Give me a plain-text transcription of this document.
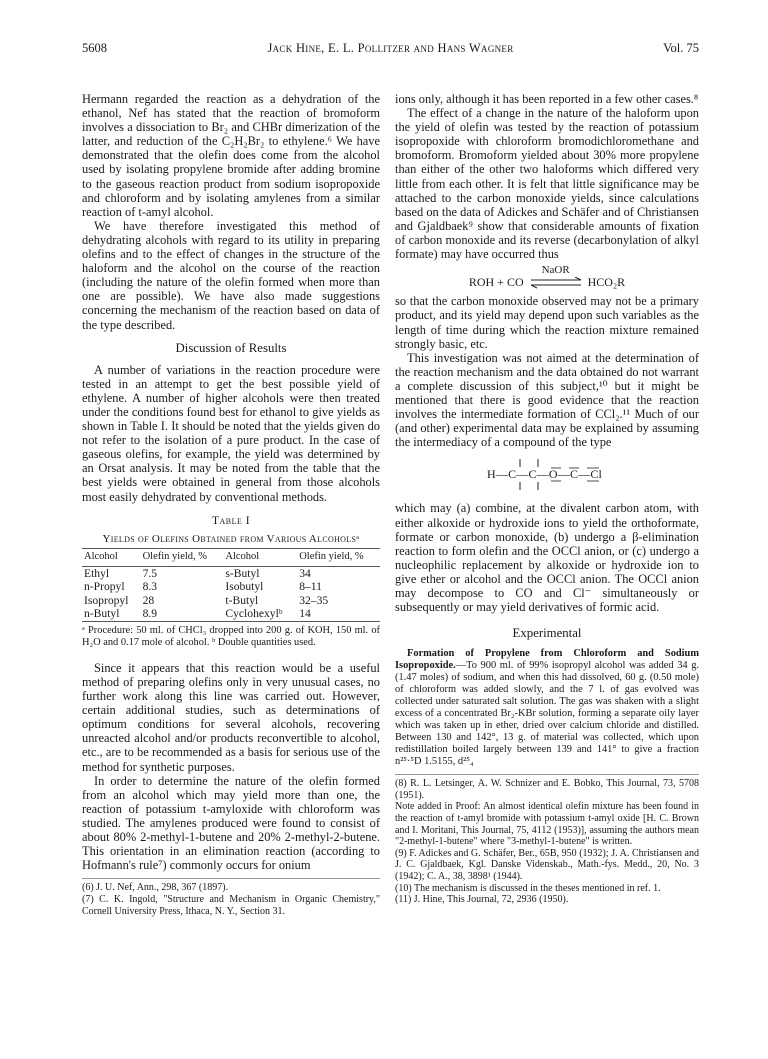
5608	Jack Hine, E. L. Pollitzer and Hans Wagner	Vol. 75

Hermann regarded the reaction as a dehydration of the ethanol, Nef has stated that the reaction of bromoform involves a dissociation to Br₂ and CHBr dimerization of the latter, and reduction of the C₂H₂Br₂ to ethylene.⁶ We have demonstrated that the olefin does come from the alcohol used by isolating propylene bromide after adding bromine to the gaseous reaction product from sodium isopropoxide and chloroform and by isolating amylenes from a similar reaction of t-amyl alcohol.

We have therefore investigated this method of dehydrating alcohols with regard to its utility in preparing olefins and to the effect of changes in the structure of the haloform and the alcohol on the course of the reaction (including the nature of the olefin formed when more than one are possible). We have also made suggestions concerning the mechanism of the reaction based on data of the type described.

Discussion of Results

A number of variations in the reaction procedure were tested in an attempt to get the best possible yield of ethylene. A number of higher alcohols were then treated under the conditions found best for ethanol to give yields as shown in Table I. It should be noted that the yields given do not refer to the isolation of a pure product. In the case of gaseous olefins, for example, the yield was determined by an Orsat analysis. It may be noted from the table that the best yields were obtained in general from those alcohols most easily dehydrated by conventional methods.

Table I
Yields of Olefins Obtained from Various Alcoholsᵃ
Alcohol	Olefin yield, %	Alcohol	Olefin yield, %
Ethyl	7.5	s-Butyl	34
n-Propyl	8.3	Isobutyl	8–11
Isopropyl	28	t-Butyl	32–35
n-Butyl	8.9	Cyclohexylᵇ	14
ᵃ Procedure: 50 ml. of CHCl₃ dropped into 200 g. of KOH, 150 ml. of H₂O and 0.17 mole of alcohol. ᵇ Double quantities used.

Since it appears that this reaction would be a useful method of preparing olefins only in very unusual cases, no further work along this line was carried out. However, certain additional studies, such as determinations of optimum conditions for several alcohols, recovering unreacted alcohol and/or products reconvertible to alcohol, etc., are to be recommended as a basis for serious use of the method for synthetic purposes.

In order to determine the nature of the olefin formed from an alcohol which may yield more than one, the reaction of potassium t-amyloxide with chloroform was studied. The amylenes produced were found to consist of about 80% 2-methyl-1-butene and 20% 2-methyl-2-butene. This orientation in an elimination reaction (according to Hofmann's rule⁷) commonly occurs for onium

(6) J. U. Nef, Ann., 298, 367 (1897).

(7) C. K. Ingold, "Structure and Mechanism in Organic Chemistry," Cornell University Press, Ithaca, N. Y., Section 31.

ions only, although it has been reported in a few other cases.⁸

The effect of a change in the nature of the haloform upon the yield of olefin was tested by the reaction of potassium isopropoxide with chloroform bromodichloromethane and bromoform. Bromoform yielded about 30% more propylene than either of the other two haloforms which differed very little from each other. It is felt that little significance may be attached to the carbon monoxide yields, since calculations based on the data of Adickes and Schäfer and of Christiansen and Gjaldbaek⁹ show that considerable amounts of fixation of carbon monoxide and its reverse (decarbonylation of alkyl formate) may have occurred thus

ROH + CO
NaOR
HCO₂R

so that the carbon monoxide observed may not be a primary product, and its yield may depend upon such variables as the length of time during which the reaction mixture remained strongly basic, etc.

This investigation was not aimed at the determination of the reaction mechanism and the data obtained do not warrant a complete discussion of this subject,¹⁰ but it might be mentioned that there is good evidence that the reaction involves the intermediate formation of CCl₂.¹¹ Much of our (and other) experimental data may be explained by assuming the intermediacy of a compound of the type

H—C—C—O—C—Cl

which may (a) combine, at the divalent carbon atom, with either alkoxide or hydroxide ions to yield the orthoformate, formate or carbon monoxide, (b) undergo a β-elimination reaction to form olefin and the OCCl anion, or (c) undergo a nucleophilic replacement by alkoxide or hydroxide ion to give ether or alcohol and the OCCl anion. The OCCl anion may decompose to CO and Cl⁻ simultaneously or subsequently or may yield derivatives of formic acid.

Experimental

Formation of Propylene from Chloroform and Sodium Isopropoxide.—To 900 ml. of 99% isopropyl alcohol was added 34 g. (1.47 moles) of sodium, and when this had dissolved, 60 g. (0.50 mole) of chloroform was added slowly, and the 7 l. of gas evolved was collected under saturated salt solution. The gas was shaken with a slight excess of a concentrated Br₂-KBr solution, forming a separate oily layer which was taken up in ether, dried over calcium chloride and distilled. Between 130 and 142°, 13 g. of material was collected, which upon redistillation boiled largely between 139 and 141° to give a fraction n²⁵·⁵D 1.5155, d²⁵₄

(8) R. L. Letsinger, A. W. Schnizer and E. Bobko, This Journal, 73, 5708 (1951).

Note added in Proof: An almost identical olefin mixture has been found in the reaction of t-amyl bromide with potassium t-amyl oxide [H. C. Brown and I. Moritani, This Journal, 75, 4112 (1953)], assuming the authors mean "2-methyl-1-butene" where "3-methyl-1-butene" is written.

(9) F. Adickes and G. Schäfer, Ber., 65B, 950 (1932); J. A. Christiansen and J. C. Gjaldbaek, Kgl. Danske Videnskab., Math.-fys. Medd., 20, No. 3 (1942); C. A., 38, 3898¹ (1944).

(10) The mechanism is discussed in the theses mentioned in ref. 1.

(11) J. Hine, This Journal, 72, 2936 (1950).
